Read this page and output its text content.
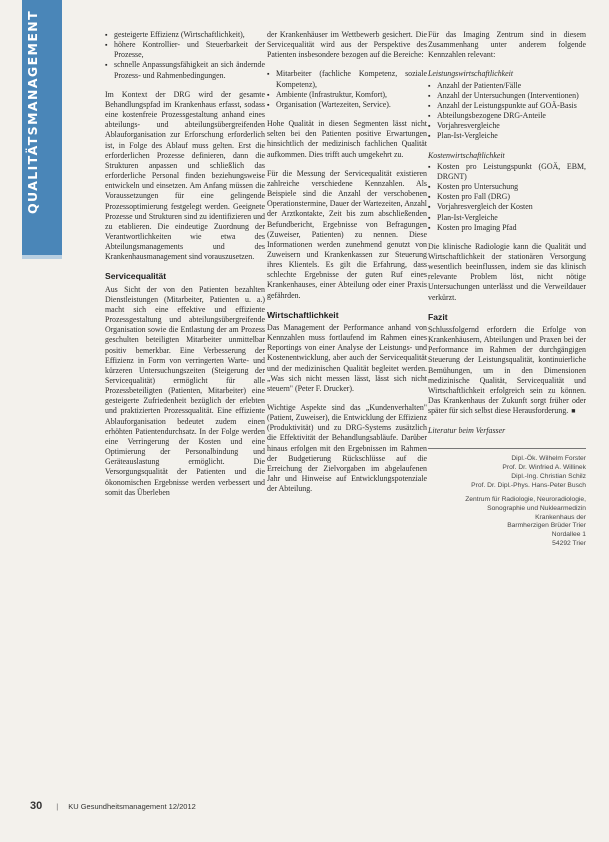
QUALITÄTSMANAGEMENT
▪	gesteigerte Effizienz (Wirtschaftlichkeit),
▪ höhere Kontrollier- und Steuerbarkeit der Prozesse,
▪ schnelle Anpassungsfähigkeit an sich ändernde Prozess- und Rahmenbedingungen.

Im Kontext der DRG wird der gesamte Behandlungspfad im Krankenhaus erfasst, sodass eine kostenfreie Prozessgestaltung anhand eines abteilungs- und abteilungsübergreifenden Ablauforganisation zur Erforschung erforderlich ist, in Folge des Ablauf muss gelten. Erst die erforderlichen Prozesse definieren, dann die Strukturen anpassen und schließlich das erforderliche Personal finden beziehungsweise entwickeln und einsetzen. Am Anfang müssen die Voraussetzungen für eine gelingende Prozessoptimierung festgelegt werden. Geeignete Prozesse und Strukturen sind zu identifizieren und zu etablieren. Die eindeutige Zuordnung der Verantwortlichkeiten wie etwa des Abteilungsmanagements und des Krankenhausmanagement sind vorauszusetzen.

Servicequalität

Aus Sicht der von den Patienten bezahlten Dienstleistungen (Mitarbeiter, Patienten u. a.) macht sich eine effektive und effiziente Prozessgestaltung und abteilungsübergreifende Organisation sowie die Entlastung der am Prozess geschulten beteiligten Mitarbeiter unmittelbar positiv bemerkbar. Eine Verbesserung der Effizienz in Form von verringerten Warte- und kürzeren Untersuchungszeiten (Steigerung der Servicequalität) ermöglicht für alle Prozessbeteiligten (Patienten, Mitarbeiter) eine gesteigerte Zufriedenheit bezüglich der erlebten und praktizierten Prozessqualität. Eine effiziente Ablauforganisation bedeutet zudem einen erhöhten Patientendurchsatz. In der Folge werden eine Verringerung der Kosten und eine Optimierung der Personalbindung und Geräteauslastung ermöglicht. Die Versorgungsqualität der Patienten und die ökonomischen Ergebnisse werden verbessert und somit das Überleben

der Krankenhäuser im Wettbewerb gesichert. Die Servicequalität wird aus der Perspektive des Patienten insbesondere bezogen auf die Bereiche:

▪ Mitarbeiter (fachliche Kompetenz, soziale Kompetenz),
▪ Ambiente (Infrastruktur, Komfort),
▪ Organisation (Wartezeiten, Service).

Hohe Qualität in diesen Segmenten lässt nicht selten bei den Patienten positive Erwartungen hinsichtlich der medizinisch fachlichen Qualität aufkommen. Dies trifft auch umgekehrt zu.

Für die Messung der Servicequalität existieren zahlreiche verschiedene Kennzahlen. Als Beispiele sind die Anzahl der verschobenen Operationstermine, Dauer der Wartezeiten, Anzahl der Arztkontakte, Zeit bis zum abschließenden Befundbericht, Ergebnisse von Befragungen (Zuweiser, Patienten) zu nennen. Diese Informationen werden zunehmend genutzt von Zuweisern und Krankenkassen zur Steuerung ihres Klientels. Es gilt die Erfahrung, dass schlechte Ergebnisse der guten Ruf eines Krankenhauses, einer Abteilung oder einer Praxis gefährden.

Wirtschaftlichkeit

Das Management der Performance anhand von Kennzahlen muss fortlaufend im Rahmen eines Reportings von einer Analyse der Leistungs- und Kostenentwicklung, aber auch der Servicequalität und der medizinischen Qualität begleitet werden. „Was sich nicht messen lässt, lässt sich nicht steuern" (Peter F. Drucker).

Wichtige Aspekte sind das „Kundenverhalten" (Patient, Zuweiser), die Entwicklung der Effizienz (Produktivität) und zu DRG-Systems zusätzlich die Effektivität der Behandlungsabläufe. Darüber hinaus erfolgen mit den Ergebnissen im Rahmen der Budgetierung Rückschlüsse auf die Erreichung der Zielvorgaben im abgelaufenen Jahr und Hinweise auf Entwicklungspotenziale der Abteilung.

Für das Imaging Zentrum sind in diesem Zusammenhang unter anderem folgende Kennzahlen relevant:

Leistungswirtschaftlichkeit
▪ Anzahl der Patienten/Fälle
▪ Anzahl der Untersuchungen (Interventionen)
▪ Anzahl der Leistungspunkte auf GOÄ-Basis
▪ Abteilungsbezogene DRG-Anteile
▪ Vorjahresvergleiche
▪ Plan-Ist-Vergleiche
Kostenwirtschaftlichkeit
▪ Kosten pro Leistungspunkt (GOÄ, EBM, DRGNT)
▪ Kosten pro Untersuchung
▪ Kosten pro Fall (DRG)
▪ Vorjahresvergleich der Kosten
▪ Plan-Ist-Vergleiche
▪ Kosten pro Imaging Pfad

Die klinische Radiologie kann die Qualität und Wirtschaftlichkeit der stationären Versorgung wesentlich beeinflussen, indem sie das klinisch relevante Problem löst, nicht nötige Untersuchungen unterlässt und die Verweildauer verkürzt.

Fazit

Schlussfolgernd erfordern die Erfolge von Krankenhäusern, Abteilungen und Praxen bei der Performance im Rahmen der durchgängigen Steuerung der Leistungsqualität, kontinuierliche Bemühungen, um in den Dimensionen medizinische Qualität, Servicequalität und Wirtschaftlichkeit erfolgreich sein zu können. Das Krankenhaus der Zukunft sorgt früher oder später für sich selbst diese Herausforderung. ■

Literatur beim Verfasser
Dipl.-Ök. Wilhelm Forster
Prof. Dr. Winfried A. Willinek
Dipl.-Ing. Christian Schilz
Prof. Dr. Dipl.-Phys. Hans-Peter Busch
Zentrum für Radiologie, Neuroradiologie,
Sonographie und Nuklearmedizin
Krankenhaus der
Barmherzigen Brüder Trier
Nordallee 1
54292 Trier
30 | KU Gesundheitsmanagement 12/2012
